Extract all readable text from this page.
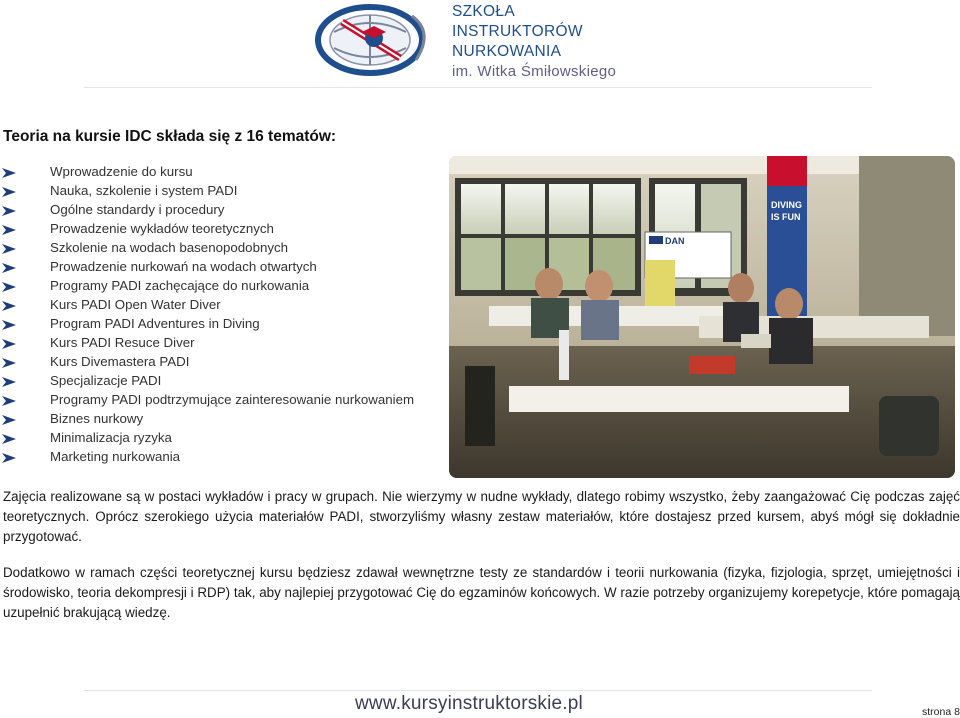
SZKOŁA
INSTRUKTORÓW
NURKOWANIA
im. Witka Śmiłowskiego
Teoria na kursie IDC składa się z 16 tematów:
Wprowadzenie do kursu
Nauka, szkolenie i system PADI
Ogólne standardy i procedury
Prowadzenie wykładów teoretycznych
Szkolenie na wodach basenopodobnych
Prowadzenie nurkowań na wodach otwartych
Programy PADI zachęcające do nurkowania
Kurs PADI Open Water Diver
Program PADI Adventures in Diving
Kurs PADI Resuce Diver
Kurs Divemastera PADI
Specjalizacje PADI
Programy PADI podtrzymujące zainteresowanie nurkowaniem
Biznes nurkowy
Minimalizacja ryzyka
Marketing nurkowania
DAN
DIVING
IS FUN

Zajęcia realizowane są w postaci wykładów i pracy w grupach. Nie wierzymy w nudne wykłady, dlatego robimy wszystko, żeby zaangażować Cię podczas zajęć teoretycznych. Oprócz szerokiego użycia materiałów PADI, stworzyliśmy własny zestaw materiałów, które dostajesz przed kursem, abyś mógł się dokładnie przygotować.

Dodatkowo w ramach części teoretycznej kursu będziesz zdawał wewnętrzne testy ze standardów i teorii nurkowania (fizyka, fizjologia, sprzęt, umiejętności i środowisko, teoria dekompresji i RDP) tak, aby najlepiej przygotować Cię do egzaminów końcowych. W razie potrzeby organizujemy korepetycje, które pomagają uzupełnić brakującą wiedzę.

www.kursyinstruktorskie.pl	strona 8
